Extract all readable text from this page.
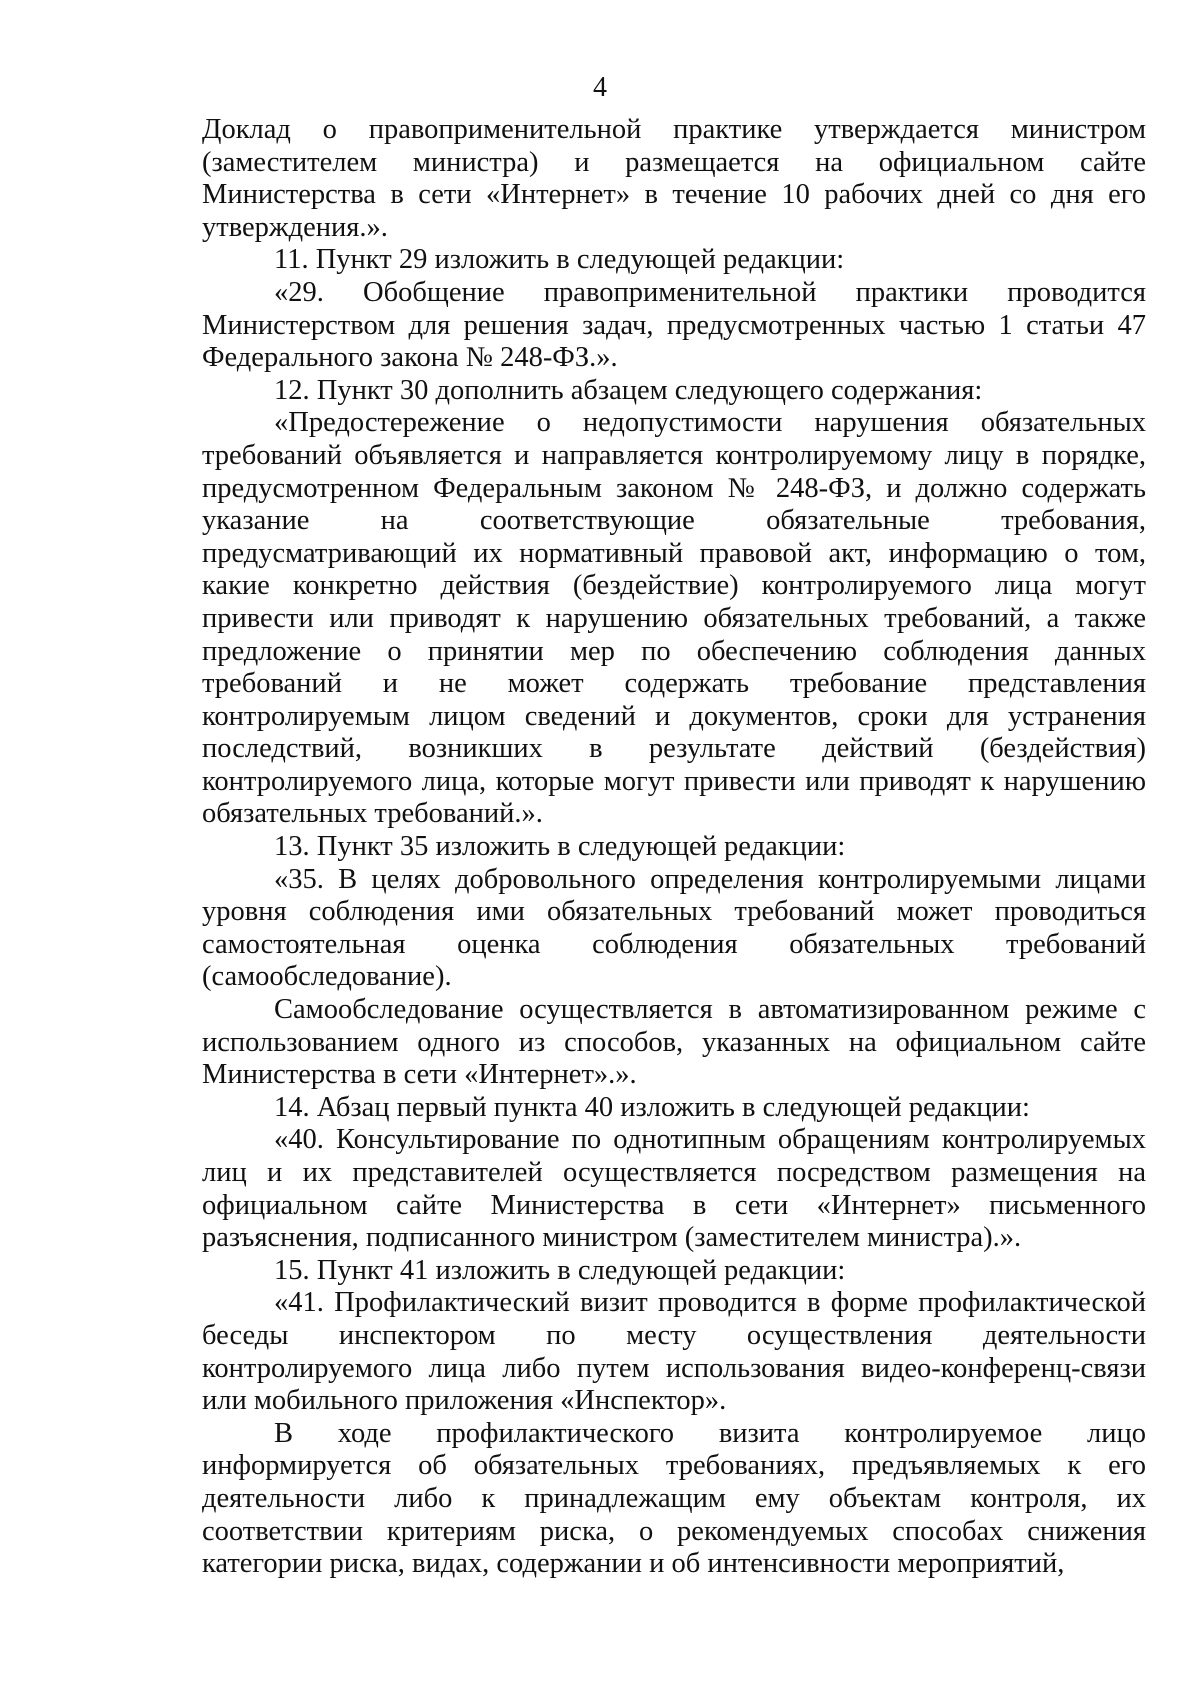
4

Доклад о правоприменительной практике утверждается министром (заместителем министра) и размещается на официальном сайте Министерства в сети «Интернет» в течение 10 рабочих дней со дня его утверждения.».

11. Пункт 29 изложить в следующей редакции:

«29. Обобщение правоприменительной практики проводится Министерством для решения задач, предусмотренных частью 1 статьи 47 Федерального закона № 248-ФЗ.».

12. Пункт 30 дополнить абзацем следующего содержания:

«Предостережение о недопустимости нарушения обязательных требований объявляется и направляется контролируемому лицу в порядке, предусмотренном Федеральным законом № 248-ФЗ, и должно содержать указание на соответствующие обязательные требования, предусматривающий их нормативный правовой акт, информацию о том, какие конкретно действия (бездействие) контролируемого лица могут привести или приводят к нарушению обязательных требований, а также предложение о принятии мер по обеспечению соблюдения данных требований и не может содержать требование представления контролируемым лицом сведений и документов, сроки для устранения последствий, возникших в результате действий (бездействия) контролируемого лица, которые могут привести или приводят к нарушению обязательных требований.».

13. Пункт 35 изложить в следующей редакции:

«35. В целях добровольного определения контролируемыми лицами уровня соблюдения ими обязательных требований может проводиться самостоятельная оценка соблюдения обязательных требований (самообследование).

Самообследование осуществляется в автоматизированном режиме с использованием одного из способов, указанных на официальном сайте Министерства в сети «Интернет».».

14. Абзац первый пункта 40 изложить в следующей редакции:

«40. Консультирование по однотипным обращениям контролируемых лиц и их представителей осуществляется посредством размещения на официальном сайте Министерства в сети «Интернет» письменного разъяснения, подписанного министром (заместителем министра).».

15. Пункт 41 изложить в следующей редакции:

«41. Профилактический визит проводится в форме профилактической беседы инспектором по месту осуществления деятельности контролируемого лица либо путем использования видео-конференц-связи или мобильного приложения «Инспектор».

В ходе профилактического визита контролируемое лицо информируется об обязательных требованиях, предъявляемых к его деятельности либо к принадлежащим ему объектам контроля, их соответствии критериям риска, о рекомендуемых способах снижения категории риска, видах, содержании и об интенсивности мероприятий,
